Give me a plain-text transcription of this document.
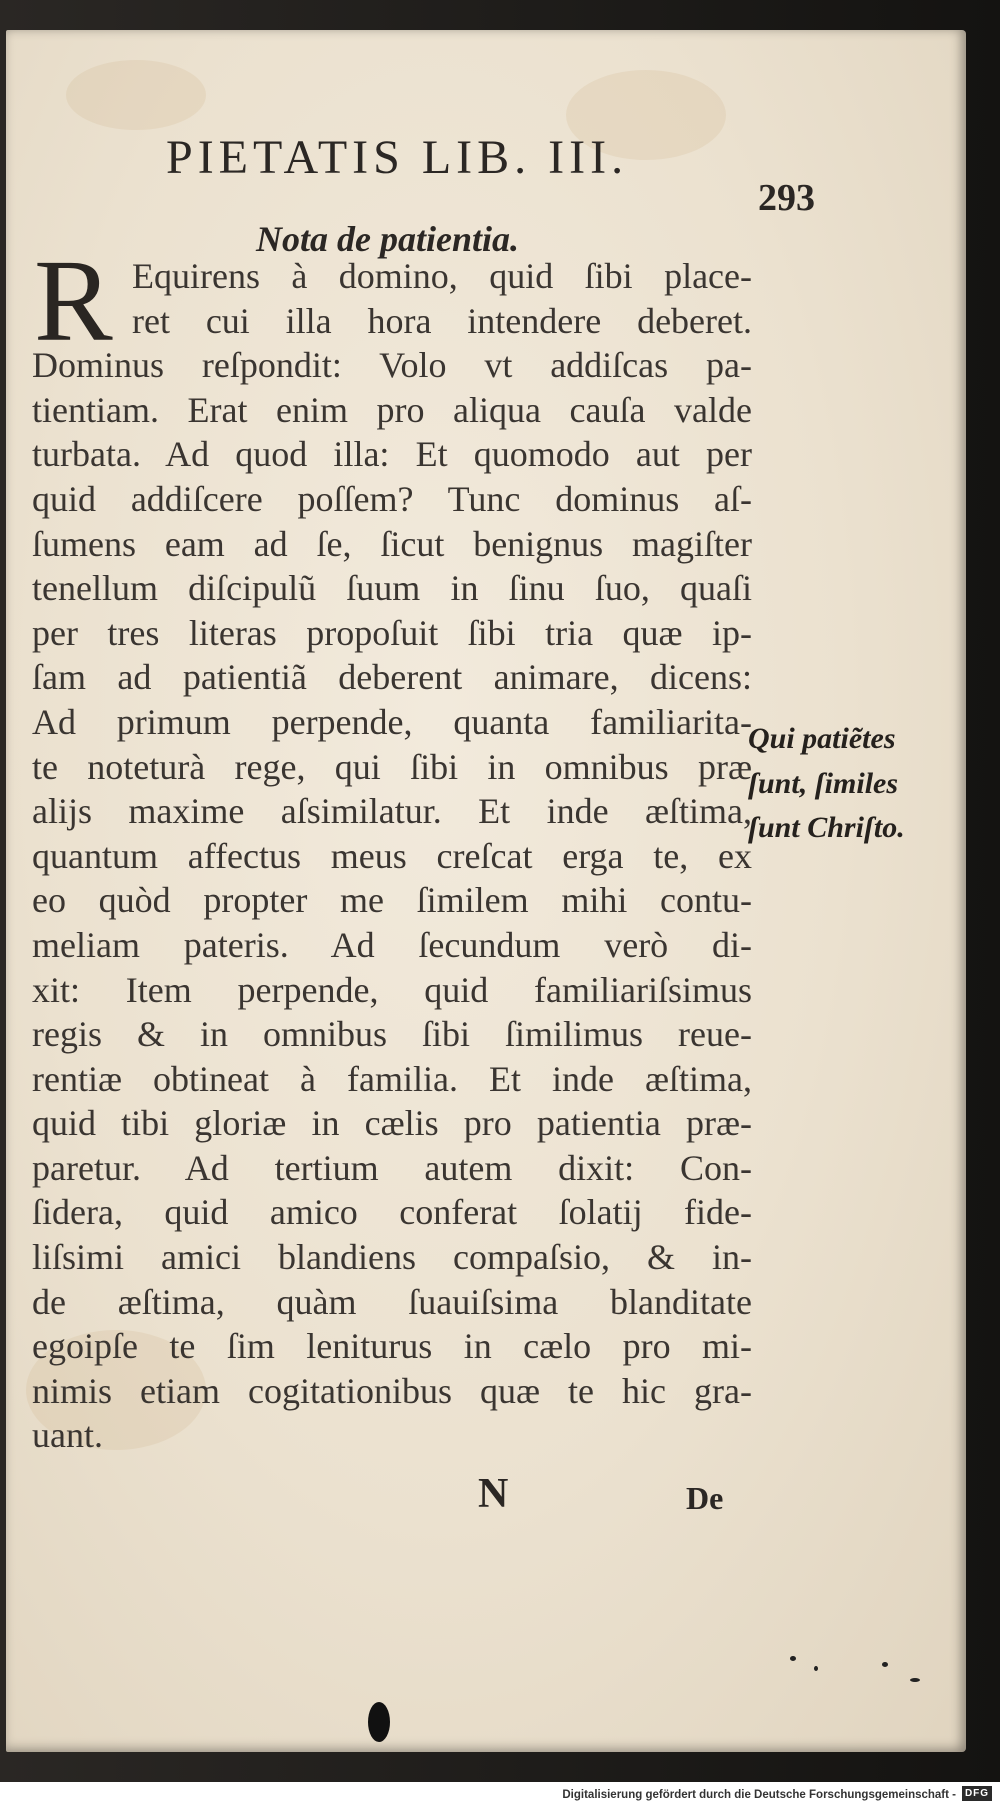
PIETATIS LIB. III.
293
Nota de patientia.
R Equirens à domino, quid ſibi place-
ret cui illa hora intendere deberet.
Dominus reſpondit: Volo vt addiſcas pa-
tientiam. Erat enim pro aliqua cauſa valde
turbata. Ad quod illa: Et quomodo aut per
quid addiſcere poſſem? Tunc dominus aſ-
ſumens eam ad ſe, ſicut benignus magiſter
tenellum diſcipulũ ſuum in ſinu ſuo, quaſi
per tres literas propoſuit ſibi tria quæ ip-
ſam ad patientiã deberent animare, dicens:
Ad primum perpende, quanta familiarita-
te noteturà rege, qui ſibi in omnibus præ
alijs maxime aſsimilatur. Et inde æſtima,
quantum affectus meus creſcat erga te, ex
eo quòd propter me ſimilem mihi contu-
meliam pateris. Ad ſecundum verò di-
xit: Item perpende, quid familiariſsimus
regis & in omnibus ſibi ſimilimus reue-
rentiæ obtineat à familia. Et inde æſtima,
quid tibi gloriæ in cælis pro patientia præ-
paretur. Ad tertium autem dixit: Con-
ſidera, quid amico conferat ſolatij fide-
liſsimi amici blandiens compaſsio, & in-
de æſtima, quàm ſuauiſsima blanditate
egoipſe te ſim leniturus in cælo pro mi-
nimis etiam cogitationibus quæ te hic gra-
uant.
Qui patiẽtes
ſunt, ſimiles
ſunt Chriſto.
N	De
Digitalisierung gefördert durch die Deutsche Forschungsgemeinschaft - DFG
